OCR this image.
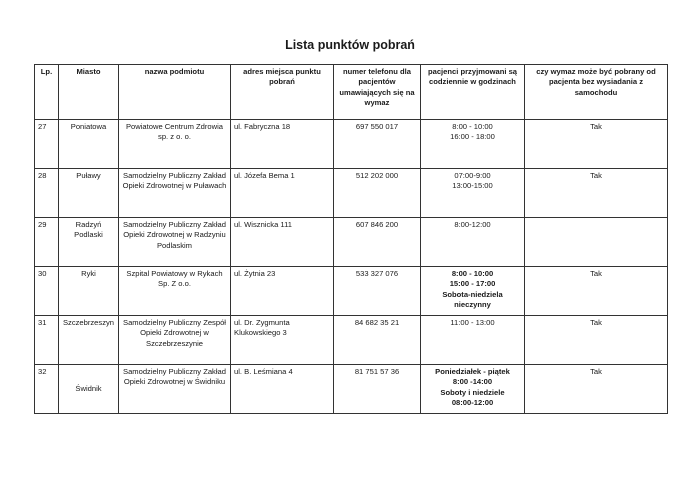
Lista punktów pobrań
Lp.	Miasto	nazwa podmiotu	adres miejsca punktu pobrań	numer telefonu dla pacjentów umawiających się na wymaz	pacjenci przyjmowani są codziennie w godzinach	czy wymaz może być pobrany od pacjenta bez wysiadania z samochodu
27	Poniatowa	Powiatowe Centrum Zdrowia sp. z o. o.	ul. Fabryczna 18	697 550 017	8:00 - 10:00
16:00 - 18:00	Tak
28	Puławy	Samodzielny Publiczny Zakład Opieki Zdrowotnej w Puławach	ul. Józefa Bema 1	512 202 000	07:00-9:00
13:00-15:00	Tak
29	Radzyń Podlaski	Samodzielny Publiczny Zakład Opieki Zdrowotnej w Radzyniu Podlaskim	ul. Wisznicka 111	607 846 200	8:00-12:00	

30	Ryki	Szpital Powiatowy w Rykach Sp. Z o.o.	ul. Żytnia 23	533 327 076	8:00 - 10:00
15:00 - 17:00
Sobota-niedziela nieczynny	Tak
31	Szczebrzeszyn	Samodzielny Publiczny Zespół Opieki Zdrowotnej w Szczebrzeszynie	ul. Dr. Zygmunta Klukowskiego 3	84 682 35 21	11:00 - 13:00	Tak
32	Świdnik	Samodzielny Publiczny Zakład Opieki Zdrowotnej w Świdniku	ul. B. Leśmiana 4	81 751 57 36	Poniedziałek - piątek
8:00 -14:00
Soboty i niedziele
08:00-12:00	Tak
